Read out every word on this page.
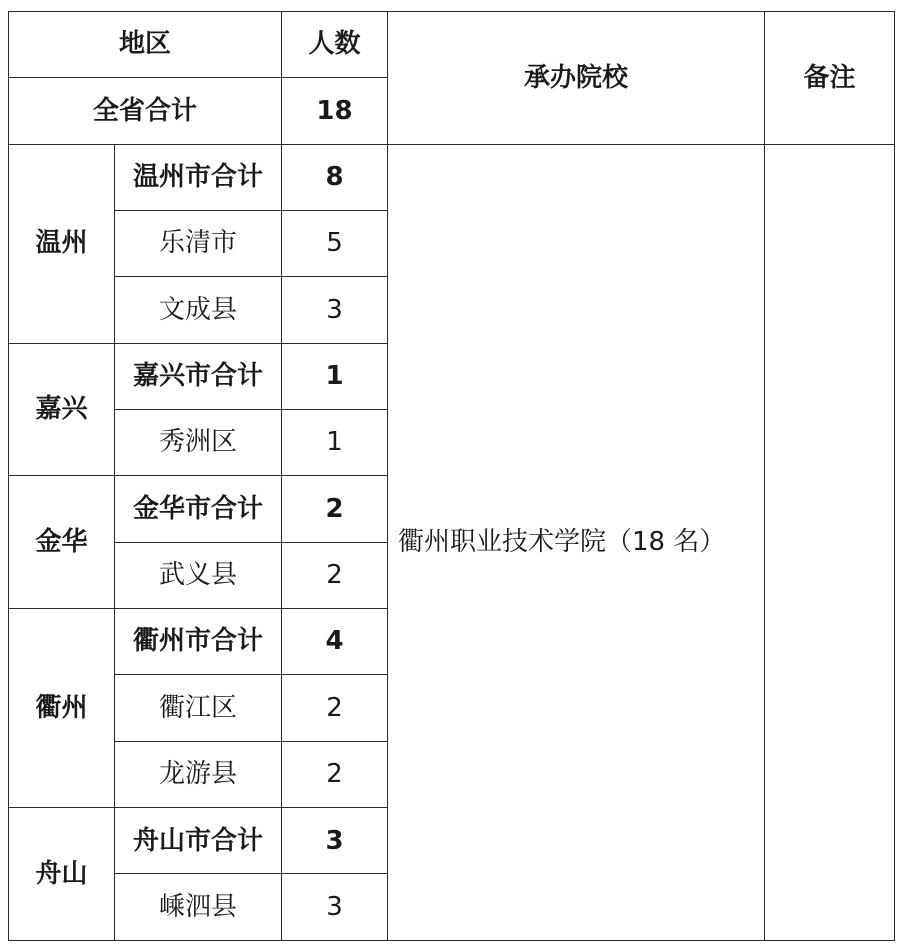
地区		人数	承办院校	备注
全省合计		18		
温州	温州市合计	8	衢州职业技术学院（18 名）	
	乐清市	5		
	文成县	3		
嘉兴	嘉兴市合计	1		
	秀洲区	1		
金华	金华市合计	2		
	武义县	2		
衢州	衢州市合计	4		
	衢江区	2		
	龙游县	2		
舟山	舟山市合计	3		
	嵊泗县	3		
